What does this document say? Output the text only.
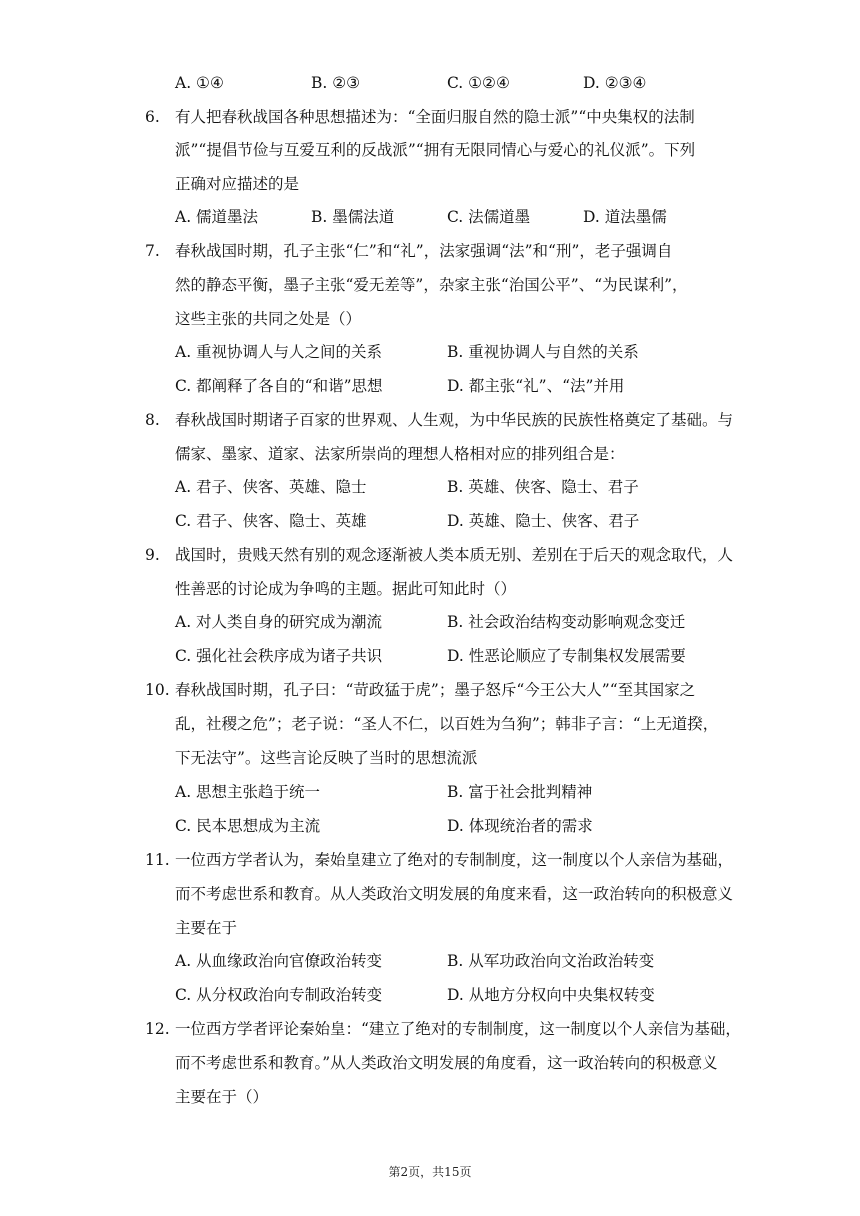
A. ①④	B. ②③	C. ①②④	D. ②③④
6. 有人把春秋战国各种思想描述为：“全面归服自然的隐士派”“中央集权的法制
派”“提倡节俭与互爱互利的反战派”“拥有无限同情心与爱心的礼仪派”。下列
正确对应描述的是
A. 儒道墨法	B. 墨儒法道	C. 法儒道墨	D. 道法墨儒
7. 春秋战国时期，孔子主张“仁”和“礼”，法家强调“法”和“刑”，老子强调自
然的静态平衡，墨子主张“爱无差等”，杂家主张“治国公平”、“为民谋利”，
这些主张的共同之处是（）
A. 重视协调人与人之间的关系	B. 重视协调人与自然的关系
C. 都阐释了各自的“和谐”思想	D. 都主张“礼”、“法”并用
8. 春秋战国时期诸子百家的世界观、人生观，为中华民族的民族性格奠定了基础。与
儒家、墨家、道家、法家所崇尚的理想人格相对应的排列组合是：
A. 君子、侠客、英雄、隐士	B. 英雄、侠客、隐士、君子
C. 君子、侠客、隐士、英雄	D. 英雄、隐士、侠客、君子
9. 战国时，贵贱天然有别的观念逐渐被人类本质无别、差别在于后天的观念取代，人
性善恶的讨论成为争鸣的主题。据此可知此时（）
A. 对人类自身的研究成为潮流	B. 社会政治结构变动影响观念变迁
C. 强化社会秩序成为诸子共识	D. 性恶论顺应了专制集权发展需要
10. 春秋战国时期，孔子曰：“苛政猛于虎”；墨子怒斥“今王公大人”“至其国家之
乱，社稷之危”；老子说：“圣人不仁，以百姓为刍狗”；韩非子言：“上无道揆，
下无法守”。这些言论反映了当时的思想流派
A. 思想主张趋于统一	B. 富于社会批判精神
C. 民本思想成为主流	D. 体现统治者的需求
11. 一位西方学者认为，秦始皇建立了绝对的专制制度，这一制度以个人亲信为基础，
而不考虑世系和教育。从人类政治文明发展的角度来看，这一政治转向的积极意义
主要在于
A. 从血缘政治向官僚政治转变	B. 从军功政治向文治政治转变
C. 从分权政治向专制政治转变	D. 从地方分权向中央集权转变
12. 一位西方学者评论秦始皇：“建立了绝对的专制制度，这一制度以个人亲信为基础，
而不考虑世系和教育。”从人类政治文明发展的角度看，这一政治转向的积极意义
主要在于（）
第2页，共15页
